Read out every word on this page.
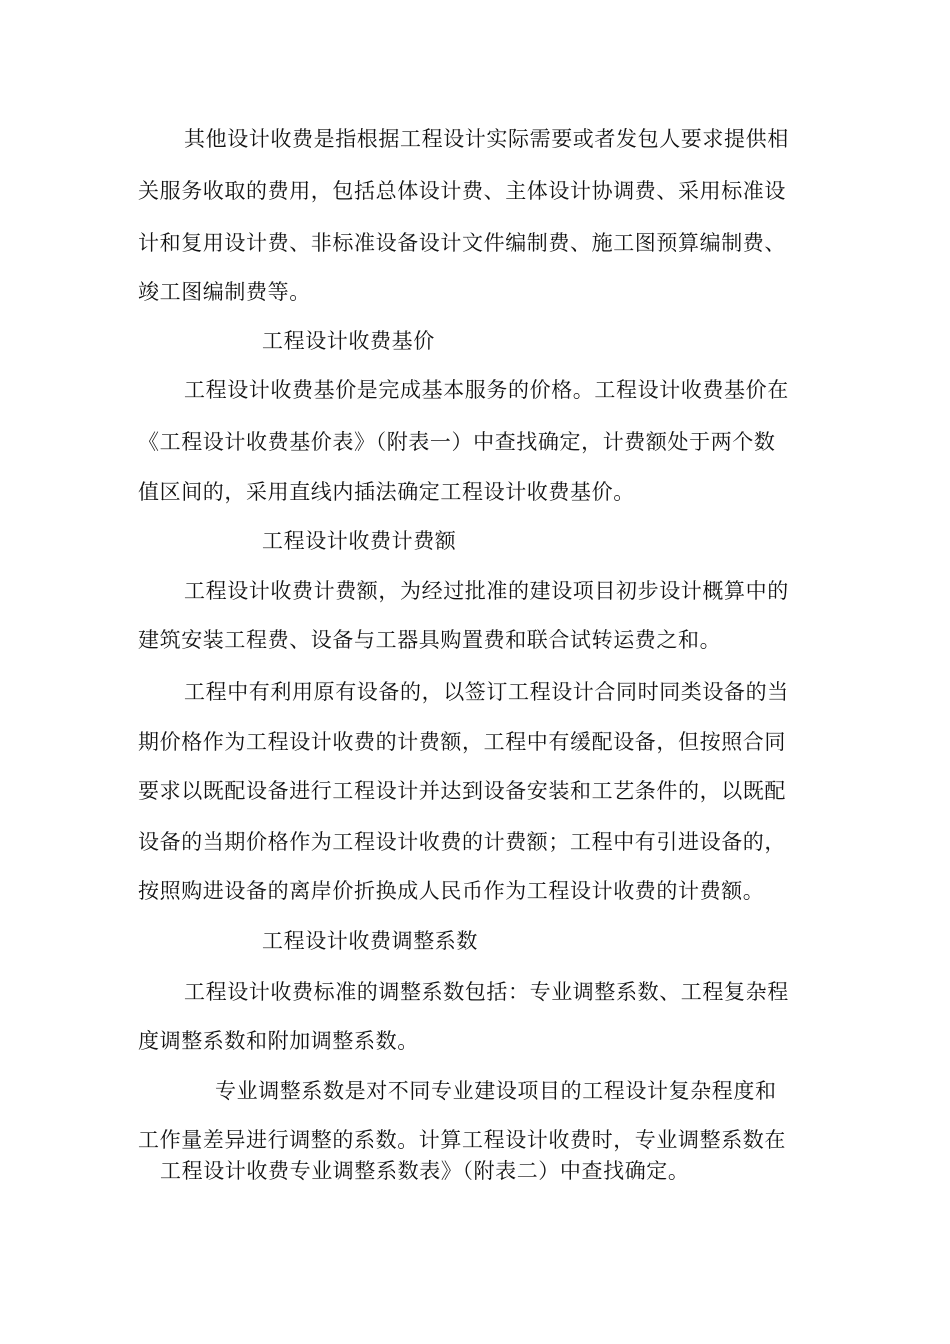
其他设计收费是指根据工程设计实际需要或者发包人要求提供相
关服务收取的费用，包括总体设计费、主体设计协调费、采用标准设
计和复用设计费、非标准设备设计文件编制费、施工图预算编制费、
竣工图编制费等。
工程设计收费基价
工程设计收费基价是完成基本服务的价格。工程设计收费基价在
《工程设计收费基价表》（附表一）中查找确定，计费额处于两个数
值区间的，采用直线内插法确定工程设计收费基价。
工程设计收费计费额
工程设计收费计费额，为经过批准的建设项目初步设计概算中的
建筑安装工程费、设备与工器具购置费和联合试转运费之和。
工程中有利用原有设备的，以签订工程设计合同时同类设备的当
期价格作为工程设计收费的计费额，工程中有缓配设备，但按照合同
要求以既配设备进行工程设计并达到设备安装和工艺条件的，以既配
设备的当期价格作为工程设计收费的计费额；工程中有引进设备的，
按照购进设备的离岸价折换成人民币作为工程设计收费的计费额。
工程设计收费调整系数
工程设计收费标准的调整系数包括：专业调整系数、工程复杂程
度调整系数和附加调整系数。
专业调整系数是对不同专业建设项目的工程设计复杂程度和
工作量差异进行调整的系数。计算工程设计收费时，专业调整系数在
工程设计收费专业调整系数表》（附表二）中查找确定。
